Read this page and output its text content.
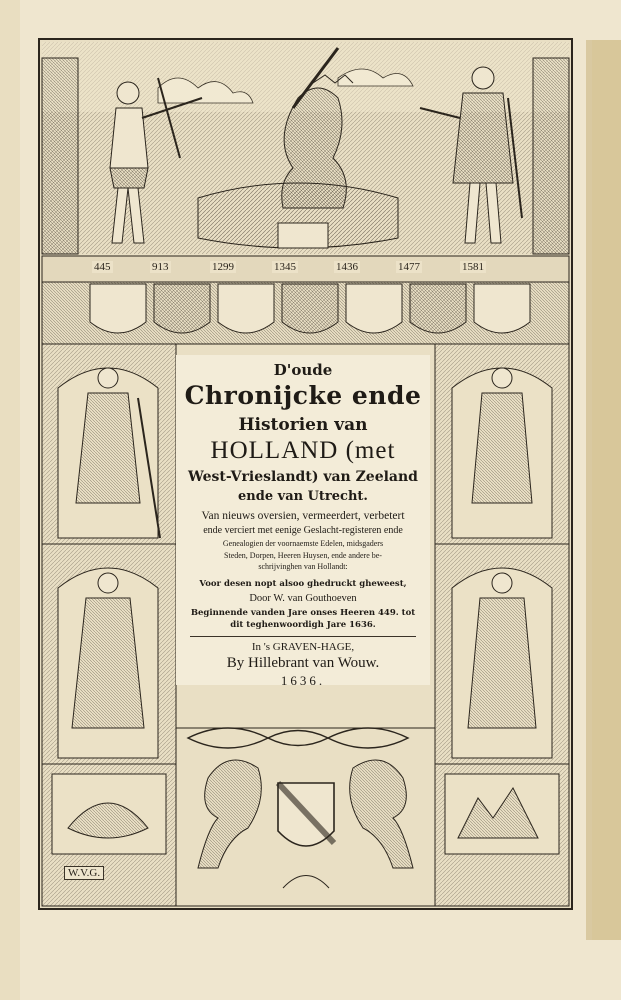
445	913	1299	1345	1436	1477	1581
D'oude
Chronijcke ende
Historien van
HOLLAND (met
West-Vrieslandt) van Zeeland
ende van Utrecht.
Van nieuws oversien, vermeerdert, verbetert
ende verciert met eenige Geslacht-registeren ende
Genealogien der voornaemste Edelen, midsgaders
Steden, Dorpen, Heeren Huysen, ende andere be-
schrijvinghen van Hollandt:
Voor desen nopt alsoo ghedruckt gheweest,
Door W. van Gouthoeven
Beginnende vanden Jare onses Heeren 449. tot
dit teghenwoordigh Jare 1636.
In 's GRAVEN-HAGE,
By Hillebrant van Wouw.
1636.
W.V.G.
